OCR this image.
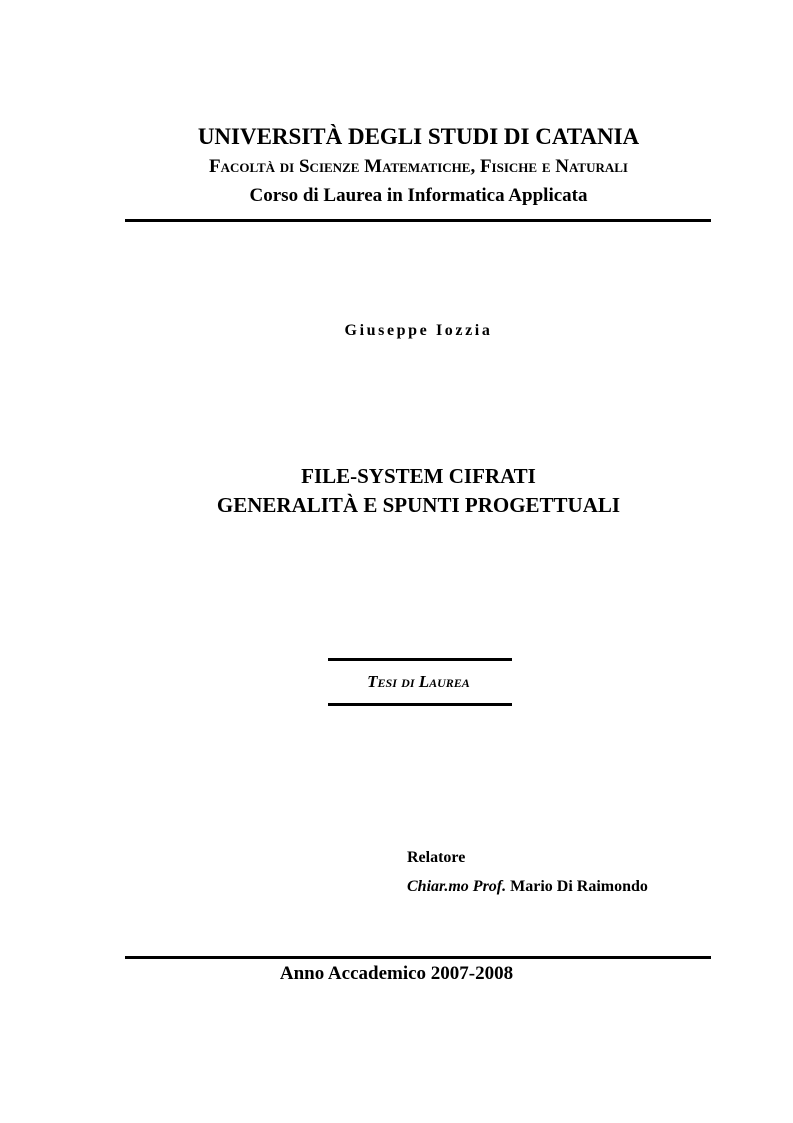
UNIVERSITÀ DEGLI STUDI DI CATANIA
Facoltà di Scienze Matematiche, Fisiche e Naturali
Corso di Laurea in Informatica Applicata
Giuseppe Iozzia
FILE-SYSTEM CIFRATI
GENERALITÀ E SPUNTI PROGETTUALI
Tesi di Laurea
Relatore
Chiar.mo Prof. Mario Di Raimondo
Anno Accademico 2007-2008
